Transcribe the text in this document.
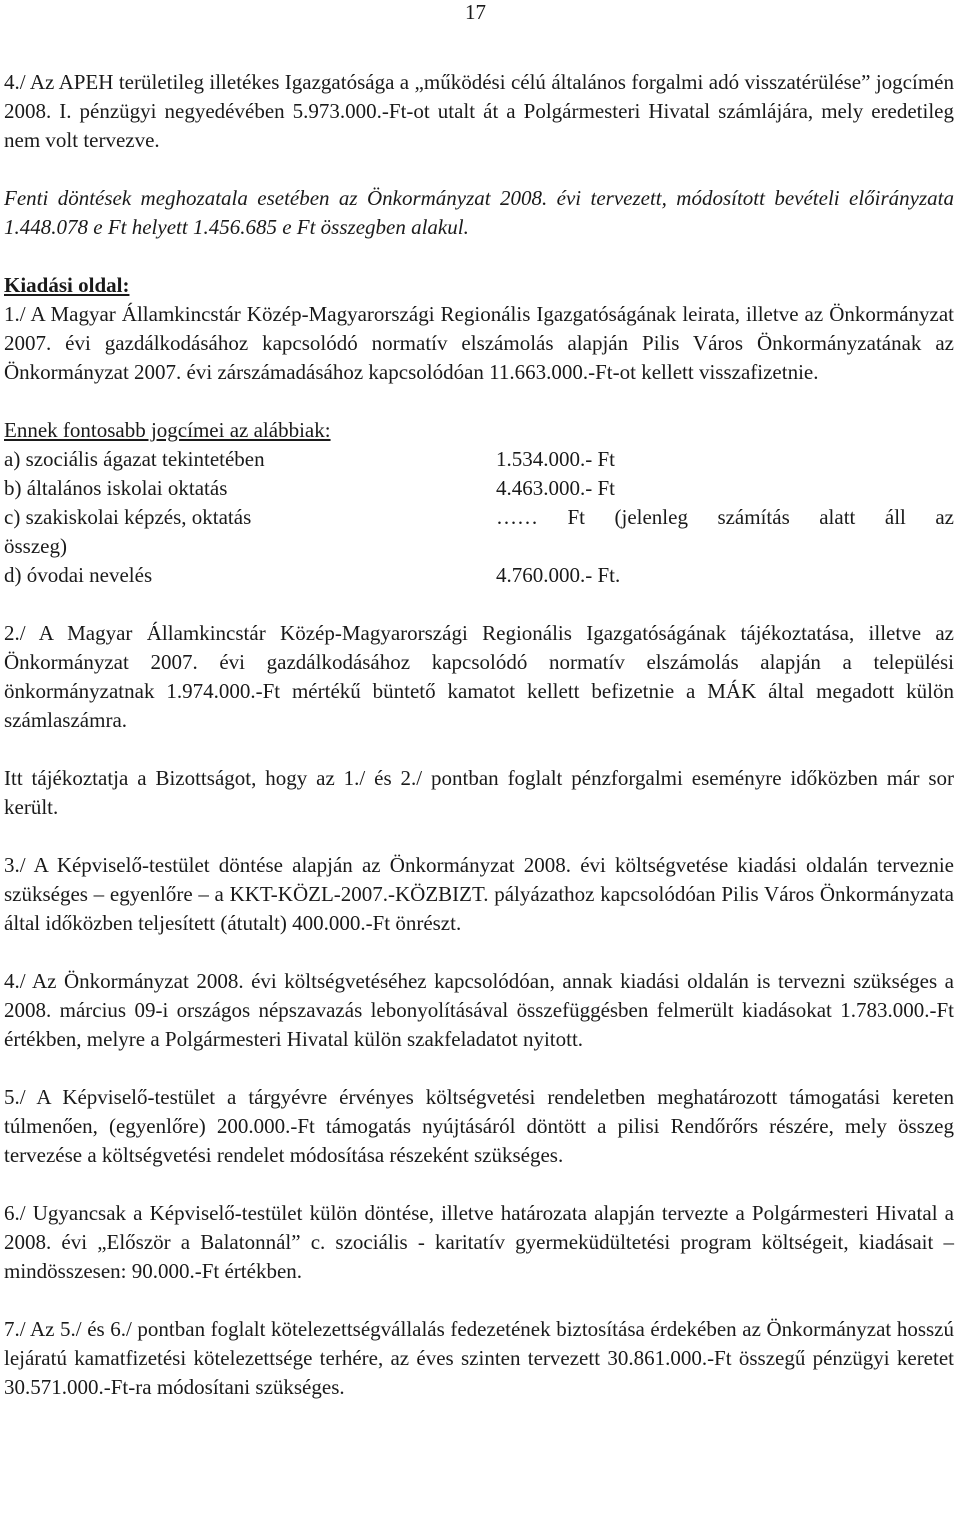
17

4./ Az APEH területileg illetékes Igazgatósága a „működési célú általános forgalmi adó visszatérülése” jogcímén 2008. I. pénzügyi negyedévében 5.973.000.-Ft-ot utalt át a Polgármesteri Hivatal számlájára, mely eredetileg nem volt tervezve.

Fenti döntések meghozatala esetében az Önkormányzat 2008. évi tervezett, módosított bevételi előirányzata 1.448.078 e Ft helyett 1.456.685 e Ft összegben alakul.

Kiadási oldal:

1./ A Magyar Államkincstár Közép-Magyarországi Regionális Igazgatóságának leirata, illetve az Önkormányzat 2007. évi gazdálkodásához kapcsolódó normatív elszámolás alapján Pilis Város Önkormányzatának az Önkormányzat 2007. évi zárszámadásához kapcsolódóan 11.663.000.-Ft-ot kellett visszafizetnie.

Ennek fontosabb jogcímei az alábbiak:
a) szociális ágazat tekintetében	1.534.000.- Ft
b) általános iskolai oktatás	4.463.000.- Ft
c) szakiskolai képzés, oktatás	…… Ft (jelenleg számítás alatt áll az
összeg)
d) óvodai nevelés	4.760.000.- Ft.

2./ A Magyar Államkincstár Közép-Magyarországi Regionális Igazgatóságának tájékoztatása, illetve az Önkormányzat 2007. évi gazdálkodásához kapcsolódó normatív elszámolás alapján a települési önkormányzatnak 1.974.000.-Ft mértékű büntető kamatot kellett befizetnie a MÁK által megadott külön számlaszámra.

Itt tájékoztatja a Bizottságot, hogy az 1./ és 2./ pontban foglalt pénzforgalmi eseményre időközben már sor került.

3./ A Képviselő-testület döntése alapján az Önkormányzat 2008. évi költségvetése kiadási oldalán terveznie szükséges – egyenlőre – a KKT-KÖZL-2007.-KÖZBIZT. pályázathoz kapcsolódóan Pilis Város Önkormányzata által időközben teljesített (átutalt) 400.000.-Ft önrészt.

4./ Az Önkormányzat 2008. évi költségvetéséhez kapcsolódóan, annak kiadási oldalán is tervezni szükséges a 2008. március 09-i országos népszavazás lebonyolításával összefüggésben felmerült kiadásokat 1.783.000.-Ft értékben, melyre a Polgármesteri Hivatal külön szakfeladatot nyitott.

5./ A Képviselő-testület a tárgyévre érvényes költségvetési rendeletben meghatározott támogatási kereten túlmenően, (egyenlőre) 200.000.-Ft támogatás nyújtásáról döntött a pilisi Rendőrőrs részére, mely összeg tervezése a költségvetési rendelet módosítása részeként szükséges.

6./ Ugyancsak a Képviselő-testület külön döntése, illetve határozata alapján tervezte a Polgármesteri Hivatal a 2008. évi „Először a Balatonnál” c. szociális - karitatív gyermeküdültetési program költségeit, kiadásait – mindösszesen: 90.000.-Ft értékben.

7./ Az 5./ és 6./ pontban foglalt kötelezettségvállalás fedezetének biztosítása érdekében az Önkormányzat hosszú lejáratú kamatfizetési kötelezettsége terhére, az éves szinten tervezett 30.861.000.-Ft összegű pénzügyi keretet 30.571.000.-Ft-ra módosítani szükséges.
